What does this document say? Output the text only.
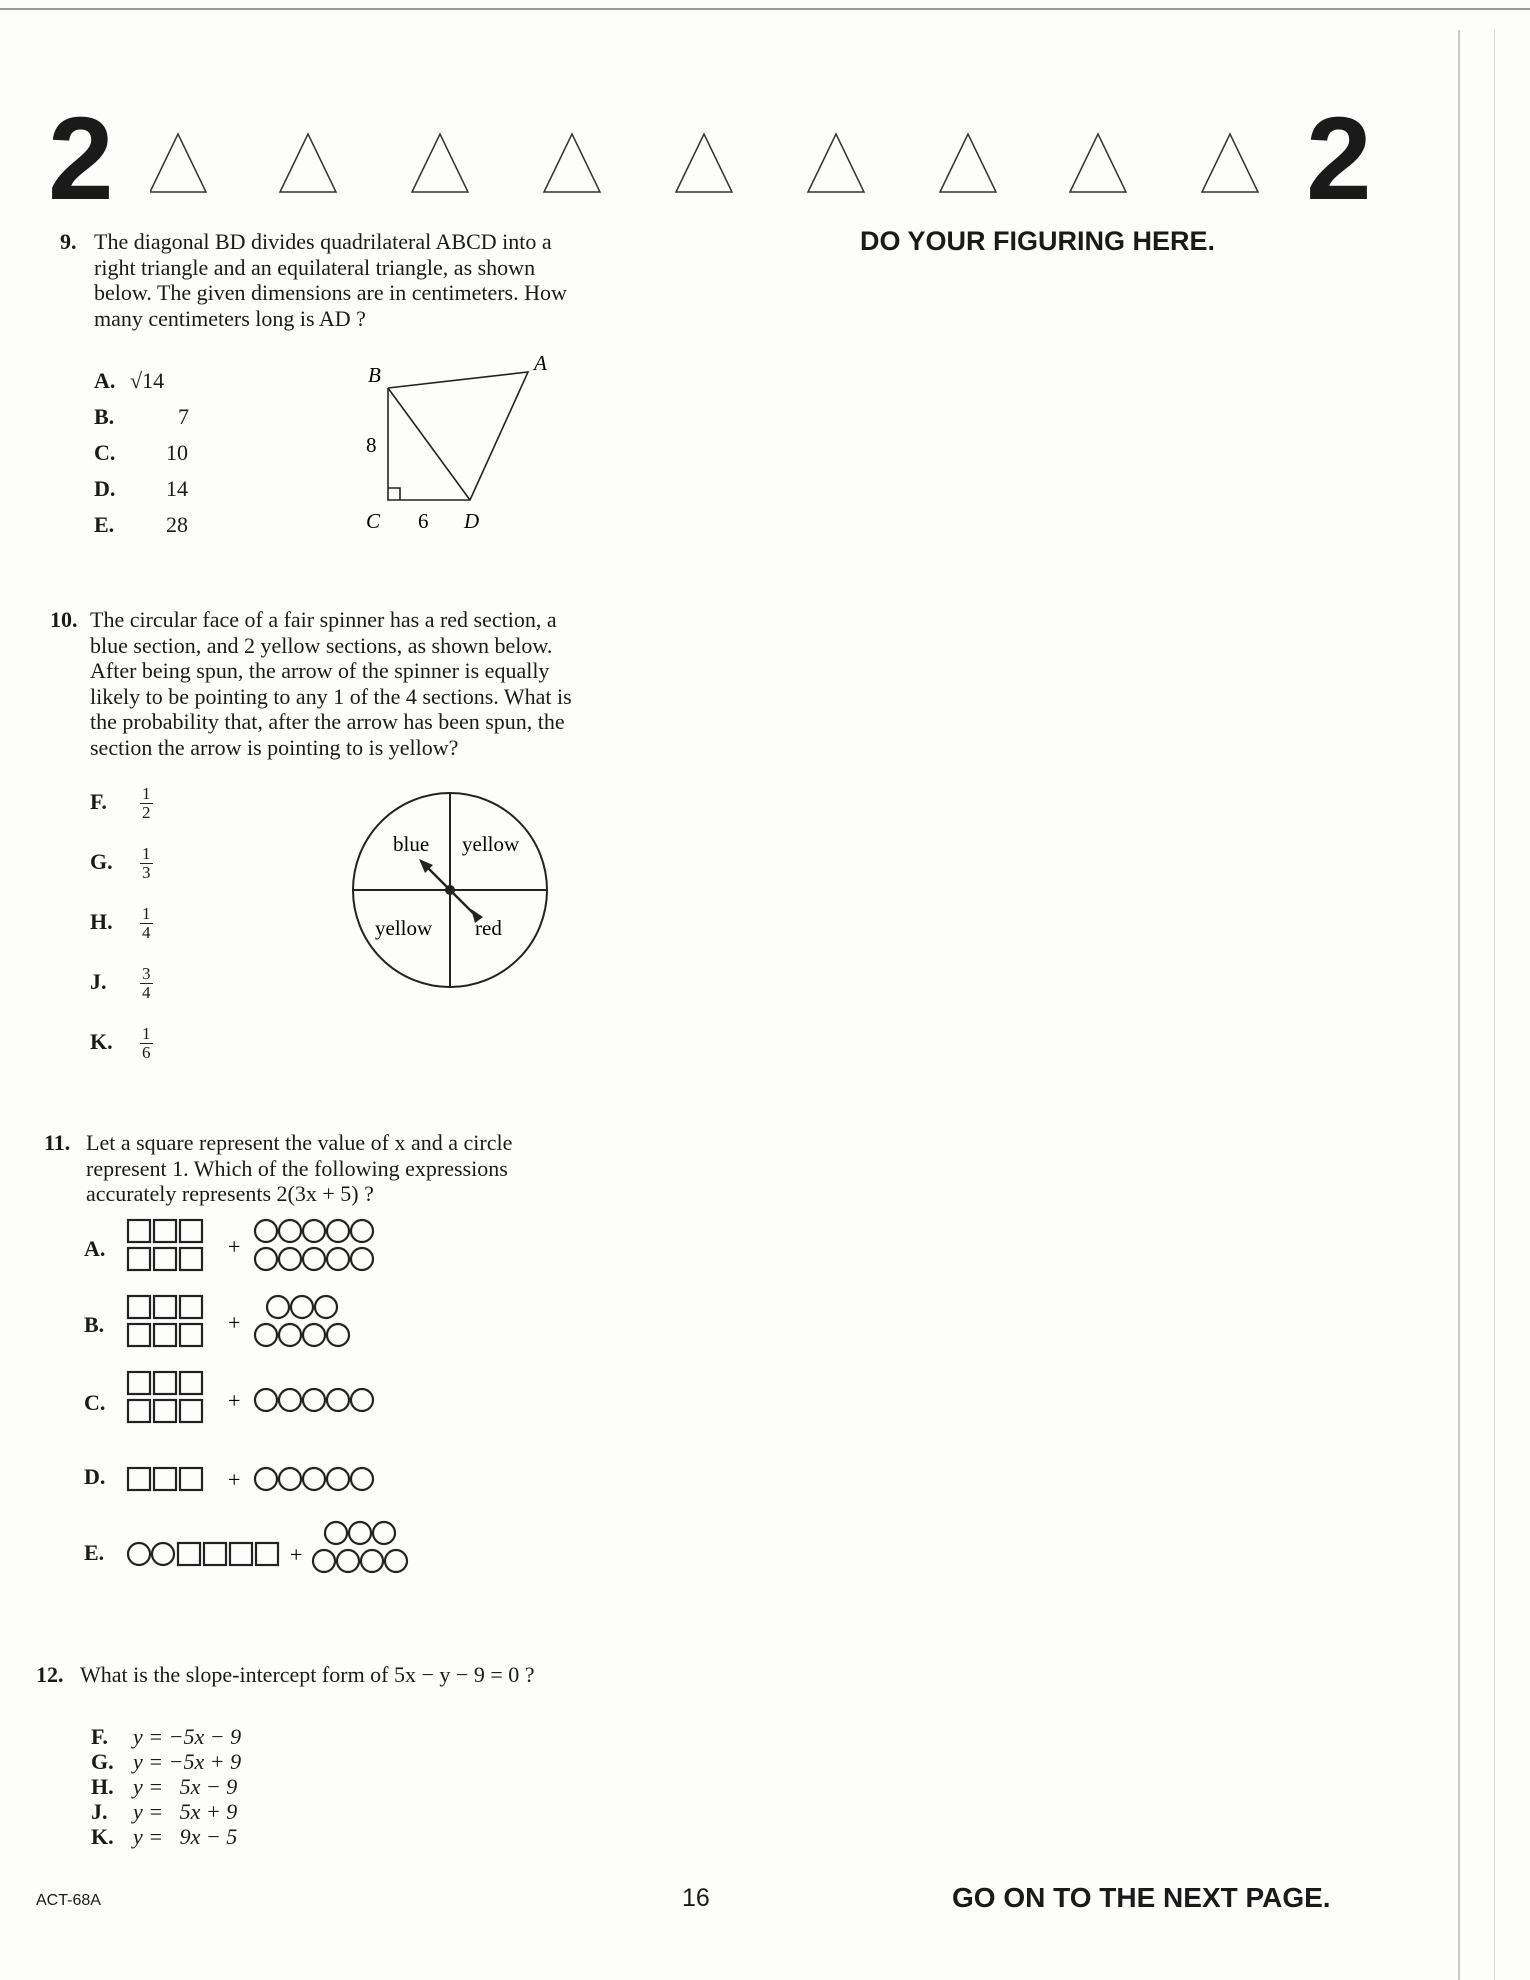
2	2
DO YOUR FIGURING HERE.
9. The diagonal BD divides quadrilateral ABCD into a
right triangle and an equilateral triangle, as shown
below. The given dimensions are in centimeters. How
many centimeters long is AD ?
A. √14
B.	7
C. 10
D. 14
E. 28
B	A
8
C 6 D
10. The circular face of a fair spinner has a red section, a
blue section, and 2 yellow sections, as shown below.
After being spun, the arrow of the spinner is equally
likely to be pointing to any 1 of the 4 sections. What is
the probability that, after the arrow has been spun, the
section the arrow is pointing to is yellow?
F. $\frac{1}{2}$
G. $\frac{1}{3}$
H. $\frac{1}{4}$
J. $\frac{3}{4}$
K. $\frac{1}{6}$
blue yellow
yellow red
11. Let a square represent the value of x and a circle
represent 1. Which of the following expressions
accurately represents 2(3x + 5) ?
A.	+
B.	+
C.	+
D.	+
E.	+
12. What is the slope-intercept form of 5x − y − 9 = 0 ?

F. y = −5x − 9

G. y = −5x + 9

H. y =   5x − 9

J. y =   5x + 9

K. y =   9x − 5

ACT-68A	16	GO ON TO THE NEXT PAGE.
